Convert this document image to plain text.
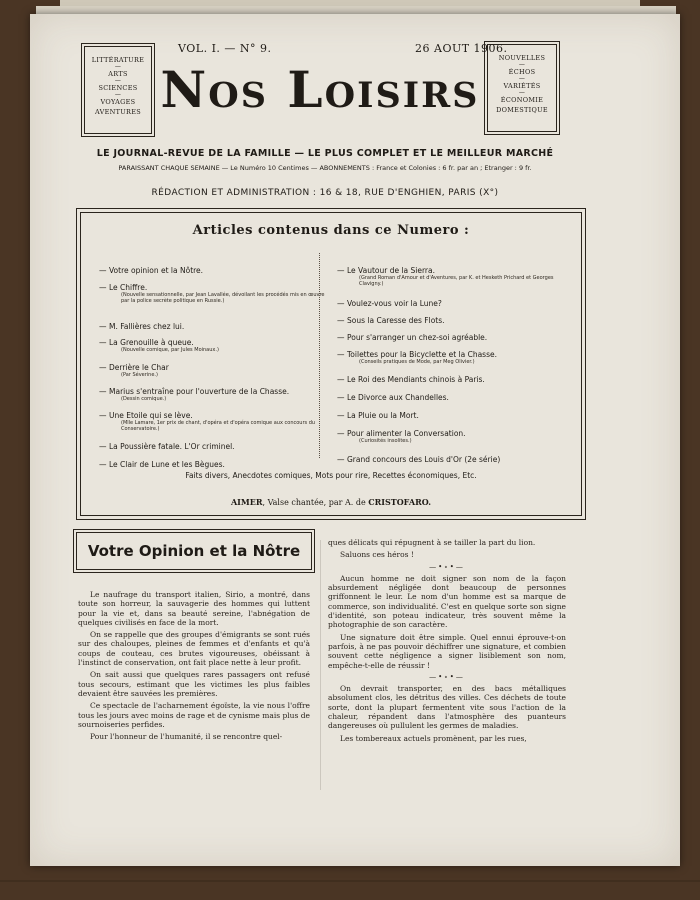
LITTÉRATURE
—
ARTS
—
SCIENCES
—
VOYAGES
AVENTURES
NOUVELLES
—
ÉCHOS
—
VARIÉTÉS
—
ÉCONOMIE
DOMESTIQUE
VOL. I. — N° 9.	26 AOUT 1906.
Nos Loisirs
LE JOURNAL-REVUE DE LA FAMILLE — LE PLUS COMPLET ET LE MEILLEUR MARCHÉ
PARAISSANT CHAQUE SEMAINE — Le Numéro 10 Centimes — ABONNEMENTS : France et Colonies : 6 fr. par an ; Etranger : 9 fr.
RÉDACTION ET ADMINISTRATION : 16 & 18, RUE D'ENGHIEN, PARIS (X°)
Articles contenus dans ce Numero :
— Votre opinion et la Nôtre.
— Le Chiffre.
(Nouvelle sensationnelle, par Jean Lavallée, dévoilant les procédés mis en œuvre par la police secrète politique en Russie.)
— M. Fallières chez lui.
— La Grenouille à queue.
(Nouvelle comique, par Jules Moinaux.)
— Derrière le Char
(Par Séverine.)
— Marius s'entraîne pour l'ouverture de la Chasse.
(Dessin comique.)
— Une Etoile qui se lève.
(Mlle Lamare, 1er prix de chant, d'opéra et d'opéra comique aux concours du Conservatoire.)
— La Poussière fatale. L'Or criminel.
— Le Clair de Lune et les Bègues.
— Le Vautour de la Sierra.
(Grand Roman d'Amour et d'Aventures, par K. et Hesketh Prichard et Georges Clavigny.)
— Voulez-vous voir la Lune?
— Sous la Caresse des Flots.
— Pour s'arranger un chez-soi agréable.
— Toilettes pour la Bicyclette et la Chasse.
(Conseils pratiques de Mode, par Meg Olivier.)
— Le Roi des Mendiants chinois à Paris.
— Le Divorce aux Chandelles.
— La Pluie ou la Mort.
— Pour alimenter la Conversation.
(Curiosités insolites.)
— Grand concours des Louis d'Or (2e série)
Faits divers, Anecdotes comiques, Mots pour rire, Recettes économiques, Etc.
AIMER, Valse chantée, par A. de CRISTOFARO.
Votre Opinion et la Nôtre

Le naufrage du transport italien, Sirio, a montré, dans toute son horreur, la sauvagerie des hommes qui luttent pour la vie et, dans sa beauté sereine, l'abnégation de quelques civilisés en face de la mort.

On se rappelle que des groupes d'émigrants se sont rués sur des chaloupes, pleines de femmes et d'enfants et qu'à coups de couteau, ces brutes vigoureuses, obéissant à l'instinct de conservation, ont fait place nette à leur profit.

On sait aussi que quelques rares passagers ont refusé tous secours, estimant que les victimes les plus faibles devaient être sauvées les premières.

Ce spectacle de l'acharnement égoïste, la vie nous l'offre tous les jours avec moins de rage et de cynisme mais plus de sournoiseries perfides.

Pour l'honneur de l'humanité, il se rencontre quel-

ques délicats qui répugnent à se tailler la part du lion.

Saluons ces héros !

—•∘•—

Aucun homme ne doit signer son nom de la façon absurdement négligée dont beaucoup de personnes griffonnent le leur. Le nom d'un homme est sa marque de commerce, son individualité. C'est en quelque sorte son signe d'identité, son poteau indicateur, très souvent même la photographie de son caractère.

Une signature doit être simple. Quel ennui éprouve-t-on parfois, à ne pas pouvoir déchiffrer une signature, et combien souvent cette négligence a signer lisiblement son nom, empêche-t-elle de réussir !

—•∘•—

On devrait transporter, en des bacs métalliques absolument clos, les détritus des villes. Ces déchets de toute sorte, dont la plupart fermentent vite sous l'action de la chaleur, répandent dans l'atmosphère des puanteurs dangereuses où pullulent les germes de maladies.

Les tombereaux actuels promènent, par les rues,
